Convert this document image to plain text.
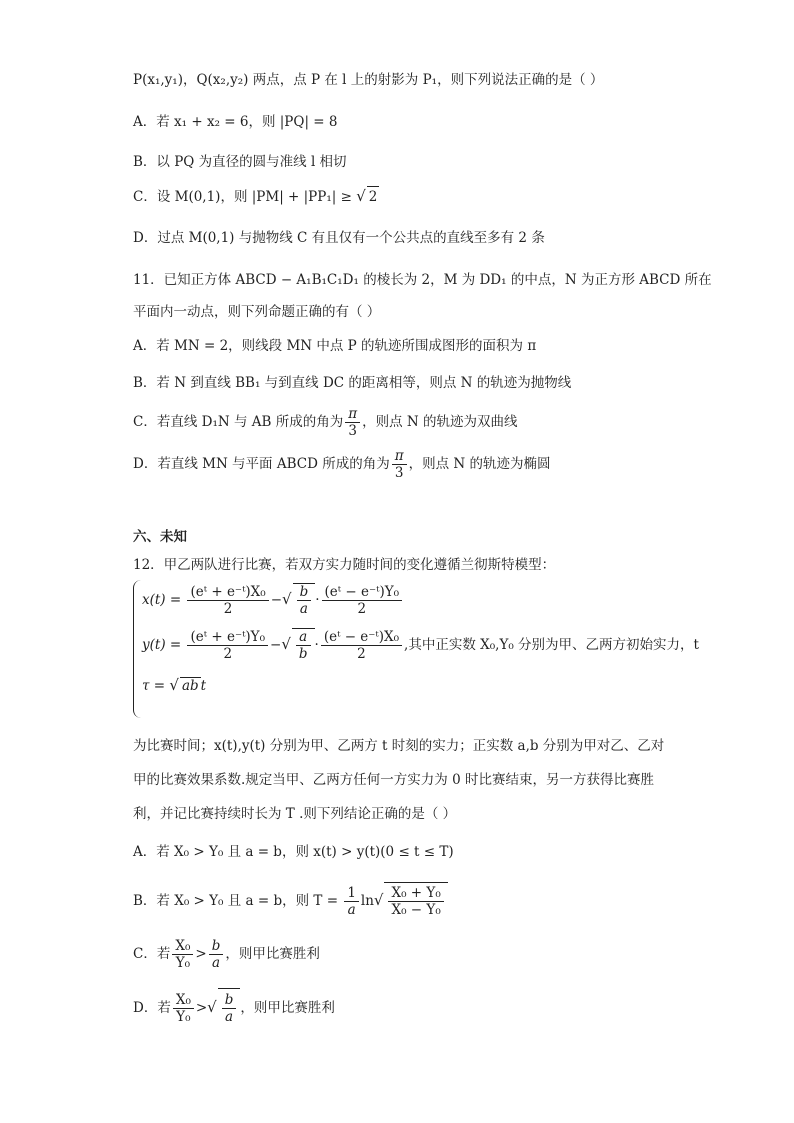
P(x₁,y₁)，Q(x₂,y₂) 两点，点 P 在 l 上的射影为 P₁，则下列说法正确的是（ ）
A．若 x₁ + x₂ = 6，则 |PQ| = 8
B．以 PQ 为直径的圆与准线 l 相切
C．设 M(0,1)，则 |PM| + |PP₁| ≥ √ 2
D．过点 M(0,1) 与抛物线 C 有且仅有一个公共点的直线至多有 2 条
11．已知正方体 ABCD − A₁B₁C₁D₁ 的棱长为 2，M 为 DD₁ 的中点，N 为正方形 ABCD 所在
平面内一动点，则下列命题正确的有（ ）
A．若 MN = 2，则线段 MN 中点 P 的轨迹所围成图形的面积为 π
B．若 N 到直线 BB₁ 与到直线 DC 的距离相等，则点 N 的轨迹为抛物线
C．若直线 D₁N 与 AB 所成的角为 $\frac{\pi}{3}$ ，则点 N 的轨迹为双曲线
D．若直线 MN 与平面 ABCD 所成的角为 $\frac{\pi}{3}$ ，则点 N 的轨迹为椭圆
六、未知
12．甲乙两队进行比赛，若双方实力随时间的变化遵循兰彻斯特模型：
$x(t) = \frac{\text{(eᵗ + e⁻ᵗ)X₀}}{2}$ −√ $\frac{b}{a} \cdot \frac{\text{(eᵗ − e⁻ᵗ)Y₀}}{2}$
$y(t) = \frac{\text{(eᵗ + e⁻ᵗ)Y₀}}{2}$ −√ $\frac{a}{b} \cdot \frac{\text{(eᵗ − e⁻ᵗ)X₀}}{2}$ ,其中正实数 X₀,Y₀ 分别为甲、乙两方初始实力，t
τ = √ ab t
为比赛时间；x(t),y(t) 分别为甲、乙两方 t 时刻的实力；正实数 a,b 分别为甲对乙、乙对
甲的比赛效果系数.规定当甲、乙两方任何一方实力为 0 时比赛结束，另一方获得比赛胜
利，并记比赛持续时长为 T .则下列结论正确的是（ ）
A．若 X₀ > Y₀ 且 a = b，则 x(t) > y(t)(0 ≤ t ≤ T)
B．若 X₀ > Y₀ 且 a = b，则 $T = \frac{1}{a} \ln√ \frac{\text{X₀ + Y₀}}{\text{X₀ − Y₀}}$
C．若 $\frac{\text{X₀}}{\text{Y₀}} > \frac{b}{a}$ ，则甲比赛胜利
D．若 $\frac{\text{X₀}}{\text{Y₀}}$ >√ $\frac{b}{a}$ ，则甲比赛胜利
